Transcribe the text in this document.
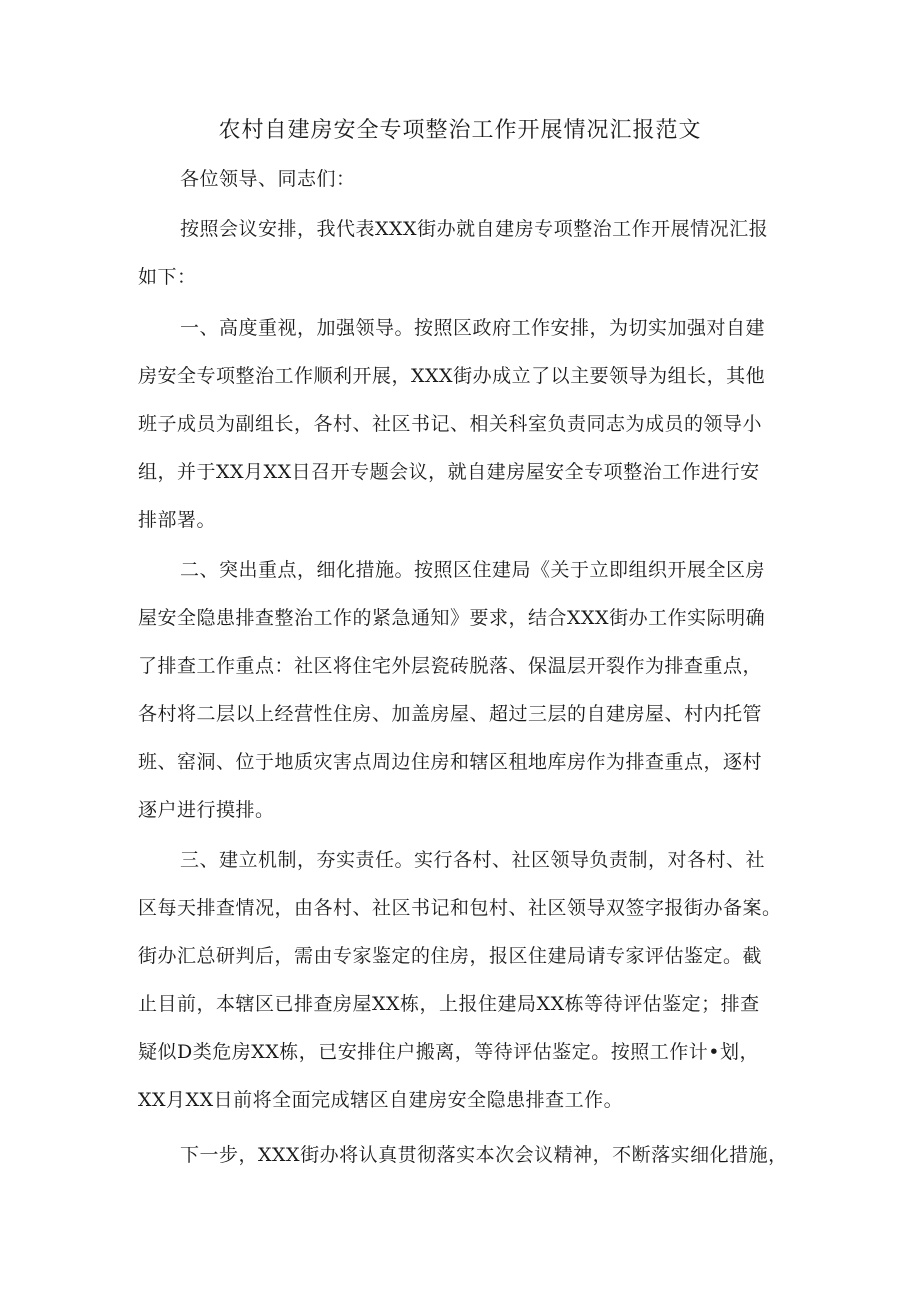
农村自建房安全专项整治工作开展情况汇报范文

各位领导、同志们：

按照会议安排，我代表XXX街办就自建房专项整治工作开展情况汇报

如下：

一、高度重视，加强领导。按照区政府工作安排，为切实加强对自建

房安全专项整治工作顺利开展，XXX街办成立了以主要领导为组长，其他

班子成员为副组长，各村、社区书记、相关科室负责同志为成员的领导小

组，并于XX月XX日召开专题会议，就自建房屋安全专项整治工作进行安

排部署。

二、突出重点，细化措施。按照区住建局《关于立即组织开展全区房

屋安全隐患排查整治工作的紧急通知》要求，结合XXX街办工作实际明确

了排查工作重点：社区将住宅外层瓷砖脱落、保温层开裂作为排查重点，

各村将二层以上经营性住房、加盖房屋、超过三层的自建房屋、村内托管

班、窑洞、位于地质灾害点周边住房和辖区租地库房作为排查重点，逐村

逐户进行摸排。

三、建立机制，夯实责任。实行各村、社区领导负责制，对各村、社

区每天排查情况，由各村、社区书记和包村、社区领导双签字报街办备案。

街办汇总研判后，需由专家鉴定的住房，报区住建局请专家评估鉴定。截

止目前，本辖区已排查房屋XX栋，上报住建局XX栋等待评估鉴定；排查

疑似D类危房XX栋，已安排住户搬离，等待评估鉴定。按照工作计•划，

XX月XX日前将全面完成辖区自建房安全隐患排查工作。

下一步，XXX街办将认真贯彻落实本次会议精神，不断落实细化措施，
